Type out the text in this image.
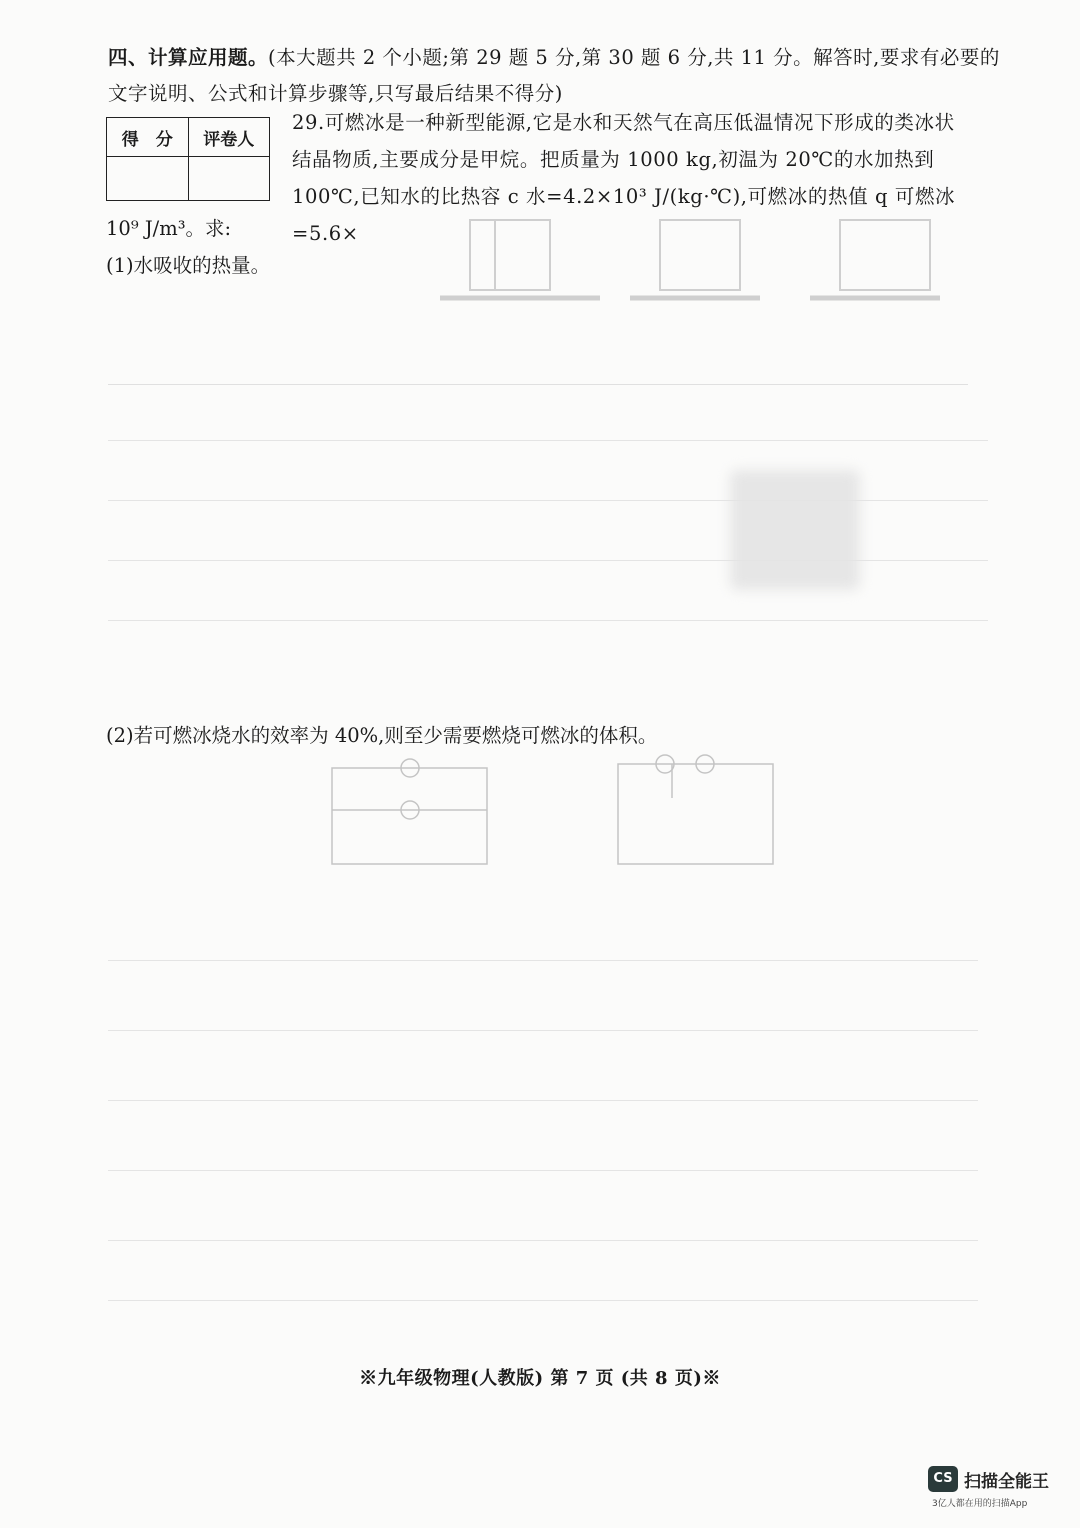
四、计算应用题。(本大题共 2 个小题;第 29 题 5 分,第 30 题 6 分,共 11 分。解答时,要求有必要的文字说明、公式和计算步骤等,只写最后结果不得分)
得　分	评卷人

29.可燃冰是一种新型能源,它是水和天然气在高压低温情况下形成的类冰状
结晶物质,主要成分是甲烷。把质量为 1000 kg,初温为 20℃的水加热到
100℃,已知水的比热容 c 水=4.2×10³ J/(kg·℃),可燃冰的热值 q 可燃冰=5.6×
10⁹ J/m³。求:
(1)水吸收的热量。
(2)若可燃冰烧水的效率为 40%,则至少需要燃烧可燃冰的体积。
※九年级物理(人教版) 第 7 页 (共 8 页)※
CS 扫描全能王
3亿人都在用的扫描App
